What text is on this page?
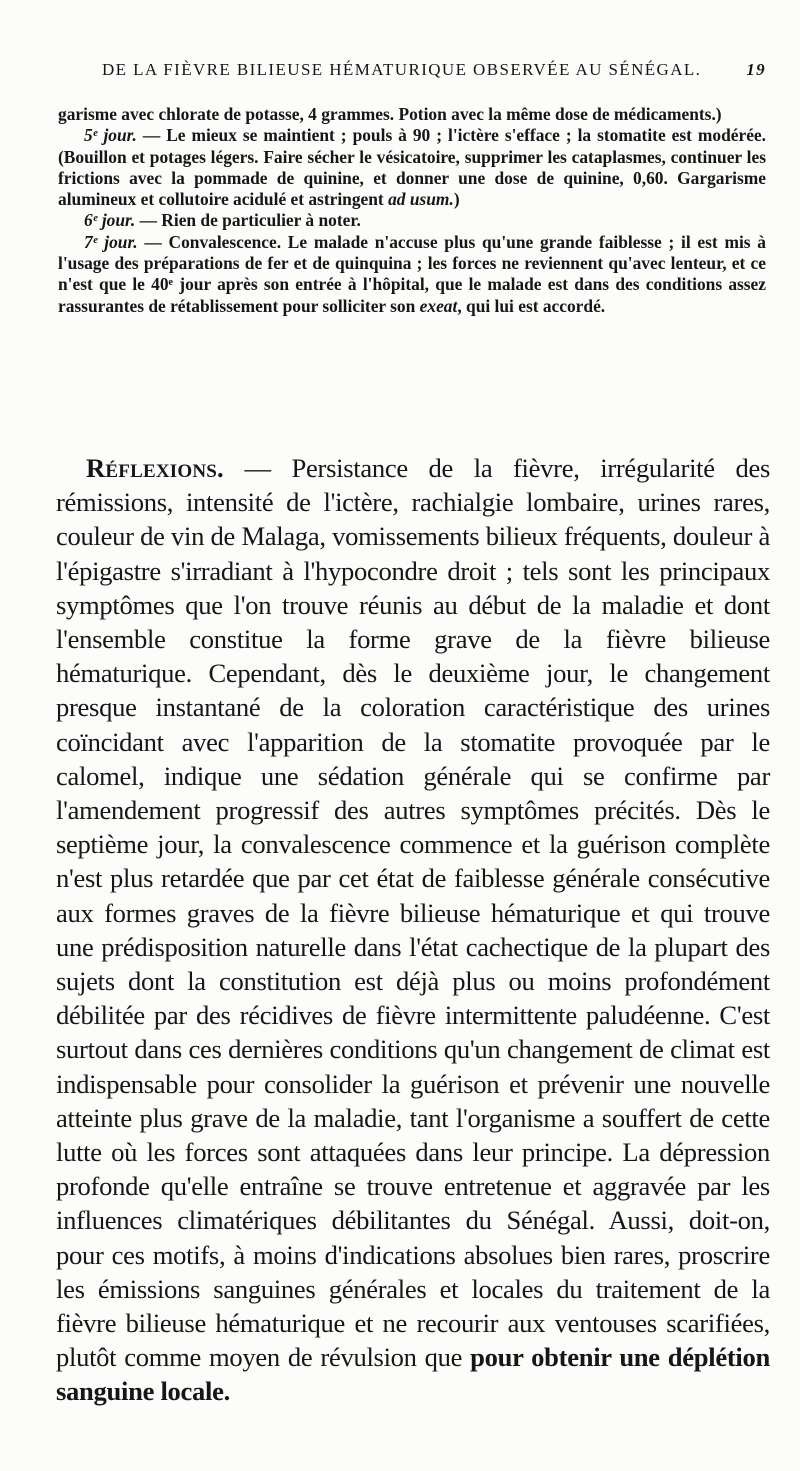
DE LA FIÈVRE BILIEUSE HÉMATURIQUE OBSERVÉE AU SÉNÉGAL.	19

garisme avec chlorate de potasse, 4 grammes. Potion avec la même dose de médicaments.)

5ᵉ jour. — Le mieux se maintient ; pouls à 90 ; l'ictère s'efface ; la stomatite est modérée. (Bouillon et potages légers. Faire sécher le vésicatoire, supprimer les cataplasmes, continuer les frictions avec la pommade de quinine, et donner une dose de quinine, 0,60. Gargarisme alumineux et collutoire acidulé et astringent ad usum.)

6ᵉ jour. — Rien de particulier à noter.

7ᵉ jour. — Convalescence. Le malade n'accuse plus qu'une grande faiblesse ; il est mis à l'usage des préparations de fer et de quinquina ; les forces ne reviennent qu'avec lenteur, et ce n'est que le 40ᵉ jour après son entrée à l'hôpital, que le malade est dans des conditions assez rassurantes de rétablissement pour solliciter son exeat, qui lui est accordé.

Réflexions. — Persistance de la fièvre, irrégularité des rémissions, intensité de l'ictère, rachialgie lombaire, urines rares, couleur de vin de Malaga, vomissements bilieux fréquents, douleur à l'épigastre s'irradiant à l'hypocondre droit ; tels sont les principaux symptômes que l'on trouve réunis au début de la maladie et dont l'ensemble constitue la forme grave de la fièvre bilieuse hématurique. Cependant, dès le deuxième jour, le changement presque instantané de la coloration caractéristique des urines coïncidant avec l'apparition de la stomatite provoquée par le calomel, indique une sédation générale qui se confirme par l'amendement progressif des autres symptômes précités. Dès le septième jour, la convalescence commence et la guérison complète n'est plus retardée que par cet état de faiblesse générale consécutive aux formes graves de la fièvre bilieuse hématurique et qui trouve une prédisposition naturelle dans l'état cachectique de la plupart des sujets dont la constitution est déjà plus ou moins profondément débilitée par des récidives de fièvre intermittente paludéenne. C'est surtout dans ces dernières conditions qu'un changement de climat est indispensable pour consolider la guérison et prévenir une nouvelle atteinte plus grave de la maladie, tant l'organisme a souffert de cette lutte où les forces sont attaquées dans leur principe. La dépression profonde qu'elle entraîne se trouve entretenue et aggravée par les influences climatériques débilitantes du Sénégal. Aussi, doit-on, pour ces motifs, à moins d'indications absolues bien rares, proscrire les émissions sanguines générales et locales du traitement de la fièvre bilieuse hématurique et ne recourir aux ventouses scarifiées, plutôt comme moyen de révulsion que pour obtenir une déplétion sanguine locale.
